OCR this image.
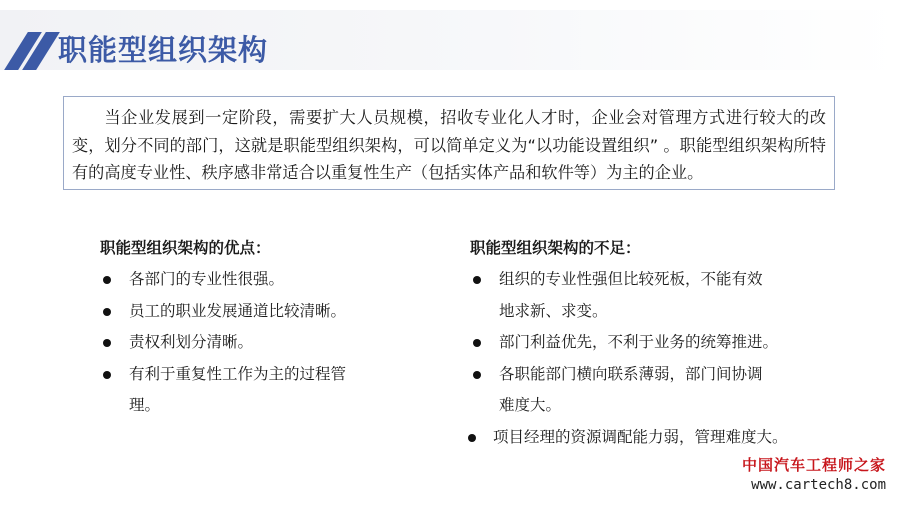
职能型组织架构
当企业发展到一定阶段，需要扩大人员规模，招收专业化人才时，企业会对管理方式进行较大的改变，划分不同的部门，这就是职能型组织架构，可以简单定义为“以功能设置组织” 。职能型组织架构所特有的高度专业性、秩序感非常适合以重复性生产（包括实体产品和软件等）为主的企业。

职能型组织架构的优点：

各部门的专业性很强。
员工的职业发展通道比较清晰。
责权利划分清晰。
有利于重复性工作为主的过程管理。

职能型组织架构的不足：

组织的专业性强但比较死板，不能有效地求新、求变。
部门利益优先，不利于业务的统筹推进。
各职能部门横向联系薄弱，部门间协调难度大。
项目经理的资源调配能力弱，管理难度大。
中国汽车工程师之家
www.cartech8.com
